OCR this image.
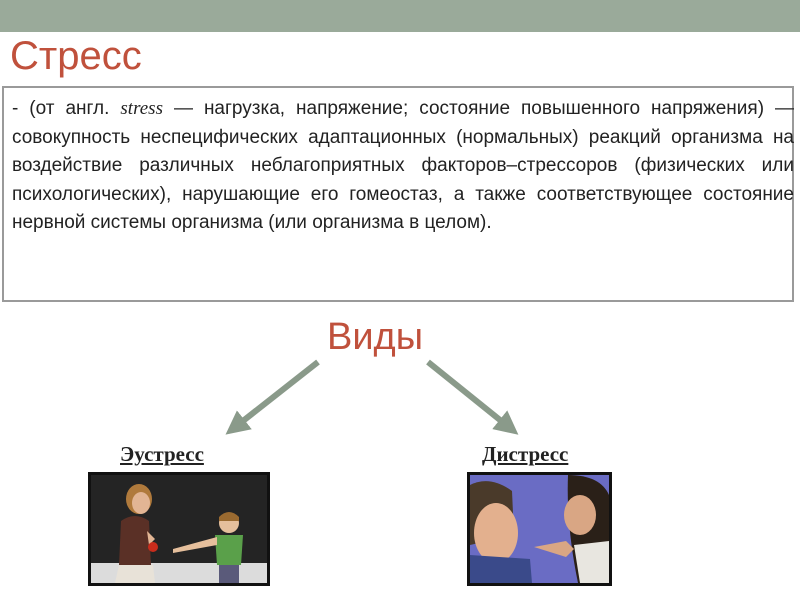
Стресс
- (от англ. stress — нагрузка, напряжение; состояние повышенного напряжения) — совокупность неспецифических адаптационных (нормальных) реакций организма на воздействие различных неблагоприятных факторов–стрессоров (физических или психологических), нарушающие его гомеостаз, а также соответствующее состояние нервной системы организма (или организма в целом).
Виды
Эустресс	Дистресс
